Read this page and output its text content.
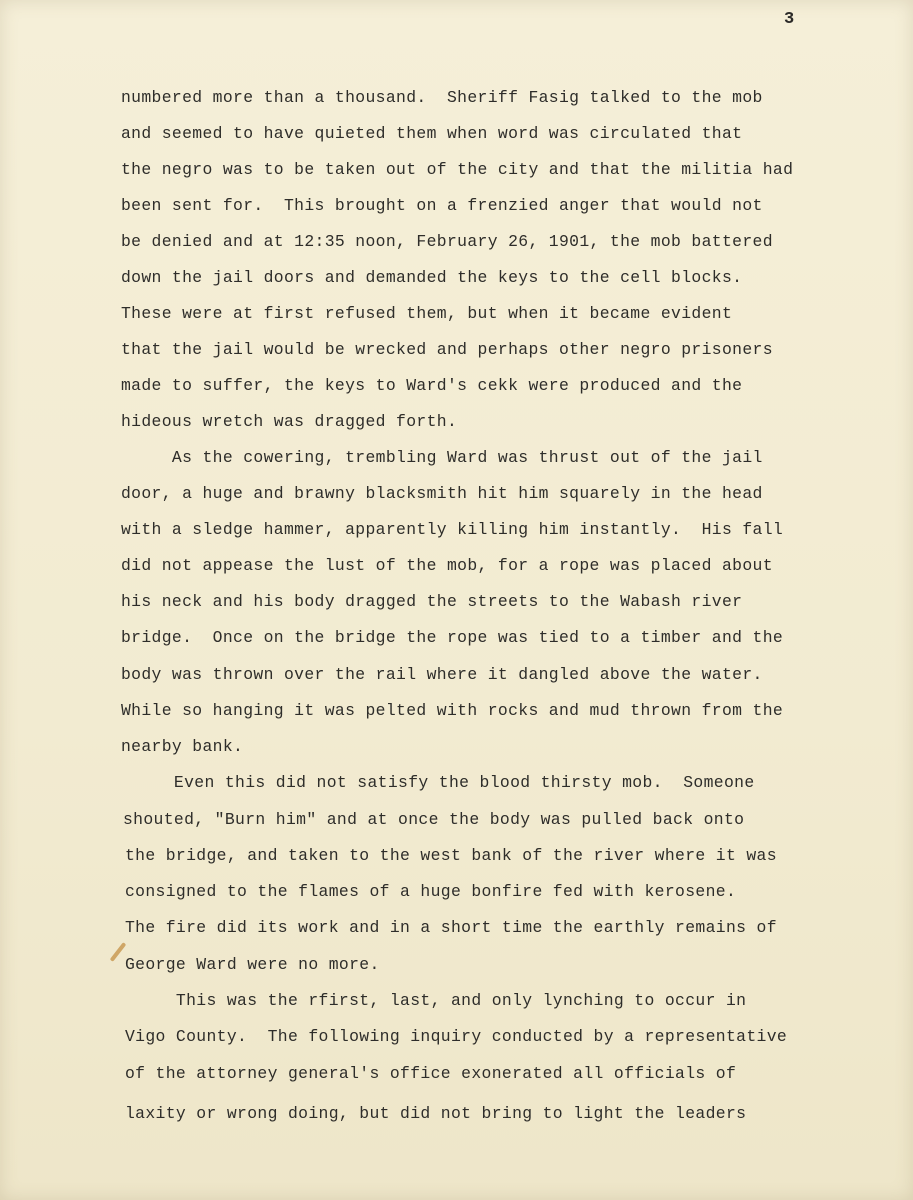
3
numbered more than a thousand.  Sheriff Fasig talked to the mob
and seemed to have quieted them when word was circulated that
the negro was to be taken out of the city and that the militia had
been sent for.  This brought on a frenzied anger that would not
be denied and at 12:35 noon, February 26, 1901, the mob battered
down the jail doors and demanded the keys to the cell blocks.
These were at first refused them, but when it became evident
that the jail would be wrecked and perhaps other negro prisoners
made to suffer, the keys to Ward's cekk were produced and the
hideous wretch was dragged forth.
As the cowering, trembling Ward was thrust out of the jail
door, a huge and brawny blacksmith hit him squarely in the head
with a sledge hammer, apparently killing him instantly.  His fall
did not appease the lust of the mob, for a rope was placed about
his neck and his body dragged the streets to the Wabash river
bridge.  Once on the bridge the rope was tied to a timber and the
body was thrown over the rail where it dangled above the water.
While so hanging it was pelted with rocks and mud thrown from the
nearby bank.
Even this did not satisfy the blood thirsty mob.  Someone
shouted, "Burn him" and at once the body was pulled back onto
the bridge, and taken to the west bank of the river where it was
consigned to the flames of a huge bonfire fed with kerosene.
The fire did its work and in a short time the earthly remains of
George Ward were no more.
This was the rfirst, last, and only lynching to occur in
Vigo County.  The following inquiry conducted by a representative
of the attorney general's office exonerated all officials of
laxity or wrong doing, but did not bring to light the leaders
